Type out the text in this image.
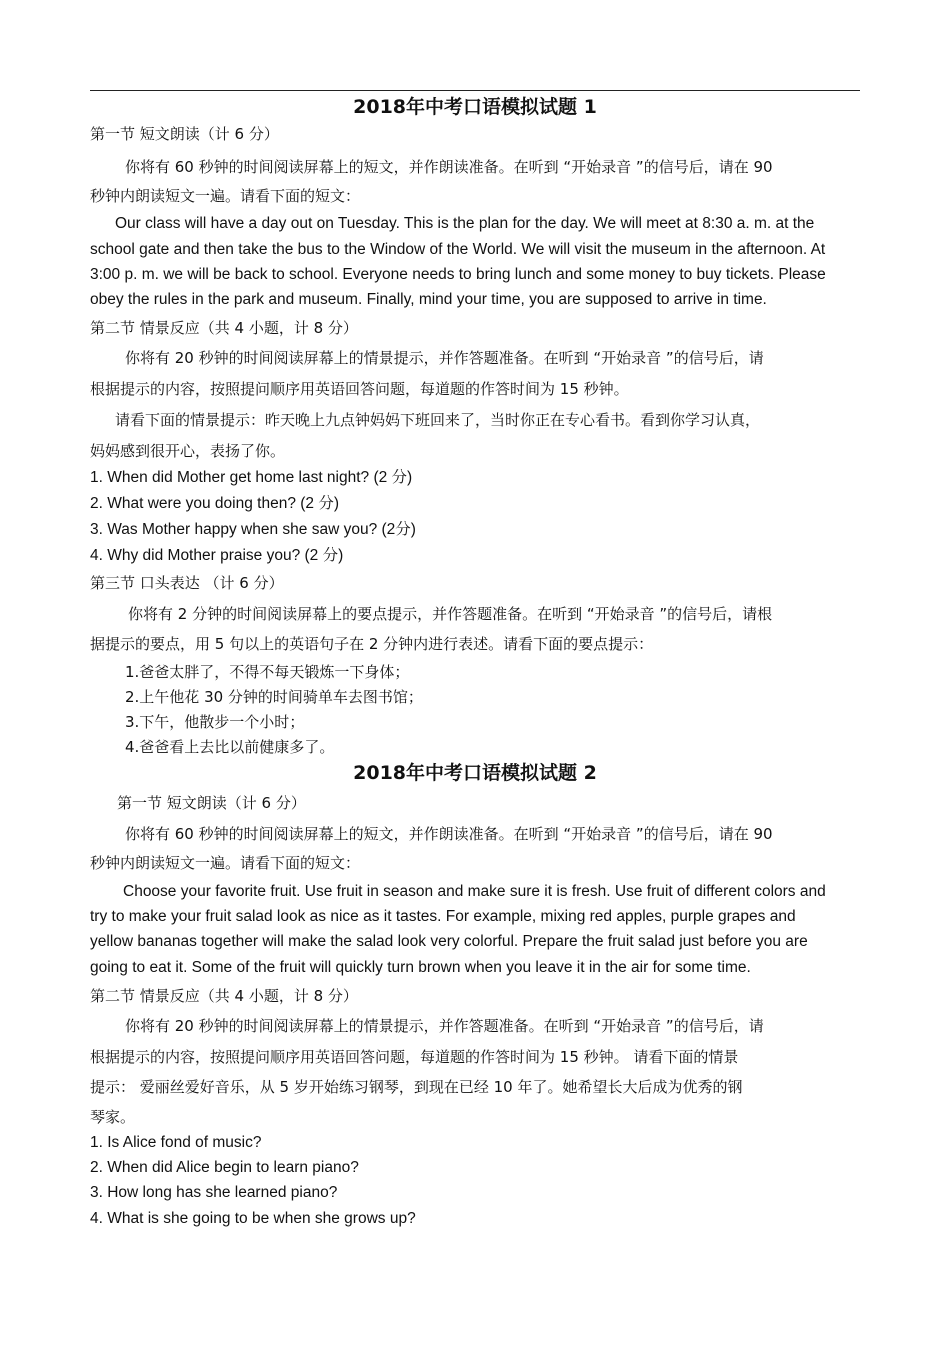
2018年中考口语模拟试题 1
第一节 短文朗读（计 6 分）
你将有 60 秒钟的时间阅读屏幕上的短文，并作朗读准备。在听到 “开始录音 ”的信号后，请在 90
秒钟内朗读短文一遍。请看下面的短文：
Our class will have a day out on Tuesday. This is the plan for the day. We will meet at 8:30 a. m. at the
school gate and then take the bus to the Window of the World. We will visit the museum in the afternoon. At
3:00 p. m. we will be back to school. Everyone needs to bring lunch and some money to buy tickets. Please
obey the rules in the park and museum. Finally, mind your time, you are supposed to arrive in time.
第二节 情景反应（共 4 小题，计 8 分）
你将有 20 秒钟的时间阅读屏幕上的情景提示，并作答题准备。在听到 “开始录音 ”的信号后，请
根据提示的内容，按照提问顺序用英语回答问题，每道题的作答时间为 15 秒钟。
请看下面的情景提示：昨天晚上九点钟妈妈下班回来了，当时你正在专心看书。看到你学习认真，
妈妈感到很开心，表扬了你。
1. When did Mother get home last night? (2 分)
2. What were you doing then? (2 分)
3. Was Mother happy when she saw you? (2分)
4. Why did Mother praise you? (2 分)
第三节 口头表达 （计 6 分）
你将有 2 分钟的时间阅读屏幕上的要点提示，并作答题准备。在听到 “开始录音 ”的信号后，请根
据提示的要点，用 5 句以上的英语句子在 2 分钟内进行表述。请看下面的要点提示：
1.爸爸太胖了，不得不每天锻炼一下身体；
2.上午他花 30 分钟的时间骑单车去图书馆；
3.下午，他散步一个小时；
4.爸爸看上去比以前健康多了。
2018年中考口语模拟试题 2
第一节 短文朗读（计 6 分）
你将有 60 秒钟的时间阅读屏幕上的短文，并作朗读准备。在听到 “开始录音 ”的信号后，请在 90
秒钟内朗读短文一遍。请看下面的短文：
Choose your favorite fruit. Use fruit in season and make sure it is fresh. Use fruit of different colors and
try to make your fruit salad look as nice as it tastes. For example, mixing red apples, purple grapes and
yellow bananas together will make the salad look very colorful. Prepare the fruit salad just before you are
going to eat it. Some of the fruit will quickly turn brown when you leave it in the air for some time.
第二节 情景反应（共 4 小题，计 8 分）
你将有 20 秒钟的时间阅读屏幕上的情景提示，并作答题准备。在听到 “开始录音 ”的信号后，请
根据提示的内容，按照提问顺序用英语回答问题，每道题的作答时间为 15 秒钟。 请看下面的情景
提示： 爱丽丝爱好音乐，从 5 岁开始练习钢琴，到现在已经 10 年了。她希望长大后成为优秀的钢
琴家。
1. Is Alice fond of music?
2. When did Alice begin to learn piano?
3. How long has she learned piano?
4. What is she going to be when she grows up?
